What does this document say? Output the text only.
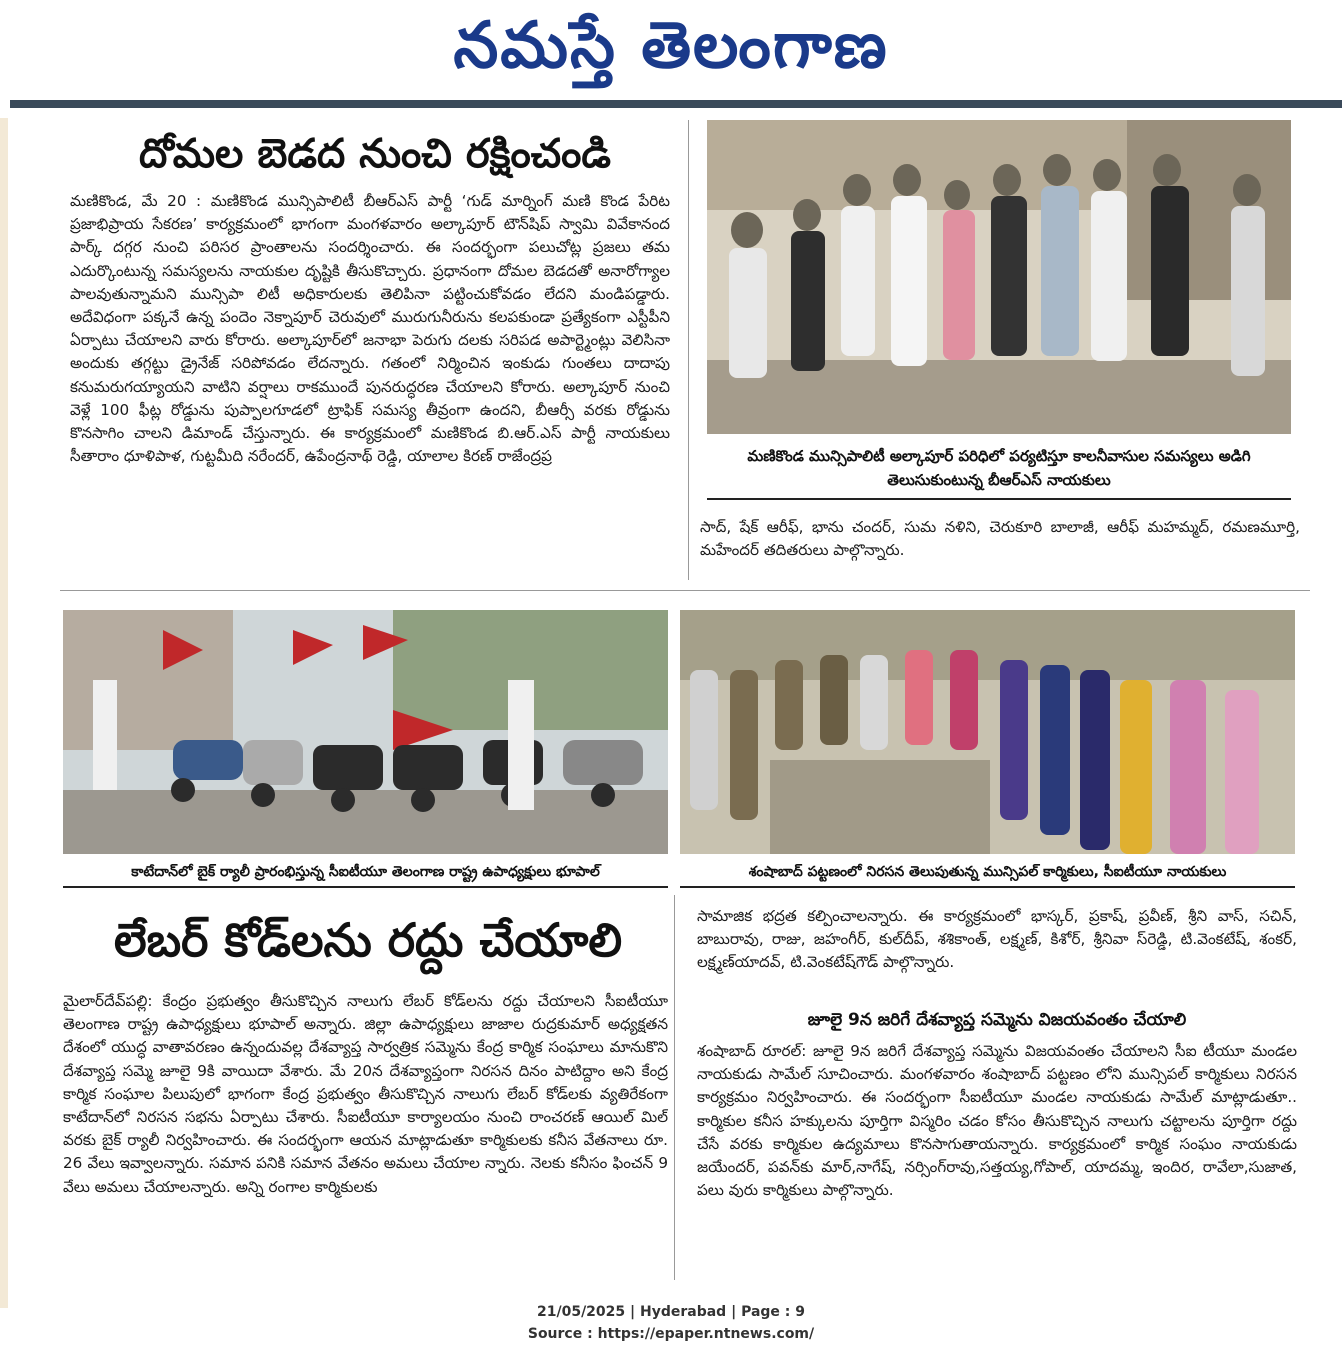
నమస్తే తెలంగాణ
దోమల బెడద నుంచి రక్షించండి
మణికొండ, మే 20 : మణికొండ మున్సిపాలిటీ బీఆర్ఎస్ పార్టీ ‘గుడ్ మార్నింగ్ మణి కొండ పేరిట ప్రజాభిప్రాయ సేకరణ’ కార్యక్రమంలో భాగంగా మంగళవారం అల్కాపూర్ టౌన్‌షిప్ స్వామి వివేకానంద పార్క్ దగ్గర నుంచి పరిసర ప్రాంతాలను సందర్శించారు. ఈ సందర్భంగా పలుచోట్ల ప్రజలు తమ ఎదుర్కొంటున్న సమస్యలను నాయకుల దృష్టికి తీసుకొచ్చారు. ప్రధానంగా దోమల బెడదతో అనారోగ్యాల పాలవుతున్నామని మున్సిపా లిటీ అధికారులకు తెలిపినా పట్టించుకోవడం లేదని మండిపడ్డారు. అదేవిధంగా పక్కనే ఉన్న పందెం నెక్నాపూర్ చెరువులో మురుగునీరును కలపకుండా ప్రత్యేకంగా ఎస్టీపీని ఏర్పాటు చేయాలని వారు కోరారు. అల్కాపూర్‌లో జనాభా పెరుగు దలకు సరిపడ అపార్ట్మెంట్లు వెలిసినా అందుకు తగ్గట్టు డ్రైనేజ్ సరిపోవడం లేదన్నారు. గతంలో నిర్మించిన ఇంకుడు గుంతలు దాదాపు కనుమరుగయ్యాయని వాటిని వర్షాలు రాకముందే పునరుద్ధరణ చేయాలని కోరారు. అల్కాపూర్ నుంచి వెళ్లే 100 ఫీట్ల రోడ్డును పుప్పాలగూడలో ట్రాఫిక్ సమస్య తీవ్రంగా ఉందని, బీఆర్సీ వరకు రోడ్డును కొనసాగిం చాలని డిమాండ్ చేస్తున్నారు. ఈ కార్యక్రమంలో మణికొండ బి.ఆర్.ఎస్ పార్టీ నాయకులు సీతారాం ధూళిపాళ, గుట్టమీది నరేందర్, ఉపేంద్రనాథ్ రెడ్డి, యాలాల కిరణ్ రాజేంద్రప్ర	మణికొండ మున్సిపాలిటీ అల్కాపూర్ పరిధిలో పర్యటిస్తూ కాలనీవాసుల సమస్యలు అడిగి తెలుసుకుంటున్న బీఆర్ఎస్ నాయకులు
సాద్, షేక్ ఆరీఫ్, భాను చందర్, సుమ నళిని, చెరుకూరి బాలాజీ, ఆరీఫ్ మహమ్మద్, రమణమూర్తి, మహేందర్ తదితరులు పాల్గొన్నారు.
కాటేదాన్‌లో బైక్ ర్యాలీ ప్రారంభిస్తున్న సీఐటీయూ తెలంగాణ రాష్ట్ర ఉపాధ్యక్షులు భూపాల్	శంషాబాద్ పట్టణంలో నిరసన తెలుపుతున్న మున్సిపల్ కార్మికులు, సీఐటీయూ నాయకులు
లేబర్ కోడ్‌లను రద్దు చేయాలి
మైలార్‌దేవ్‌పల్లి: కేంద్రం ప్రభుత్వం తీసుకొచ్చిన నాలుగు లేబర్ కోడ్‌లను రద్దు చేయాలని సీఐటీయూ తెలంగాణ రాష్ట్ర ఉపాధ్యక్షులు భూపాల్ అన్నారు. జిల్లా ఉపాధ్యక్షులు జాజాల రుద్రకుమార్ అధ్యక్షతన దేశంలో యుద్ధ వాతావరణం ఉన్నందువల్ల దేశవ్యాప్త సార్వత్రిక సమ్మెను కేంద్ర కార్మిక సంఘాలు మానుకొని దేశవ్యాప్త సమ్మె జూలై 9కి వాయిదా వేశారు. మే 20న దేశవ్యాప్తంగా నిరసన దినం పాటిద్దాం అని కేంద్ర కార్మిక సంఘాల పిలుపులో భాగంగా కేంద్ర ప్రభుత్వం తీసుకొచ్చిన నాలుగు లేబర్ కోడ్‌లకు వ్యతిరేకంగా కాటేదాన్‌లో నిరసన సభను ఏర్పాటు చేశారు. సీఐటీయూ కార్యాలయం నుంచి రాంచరణ్ ఆయిల్ మిల్ వరకు బైక్ ర్యాలీ నిర్వహించారు. ఈ సందర్భంగా ఆయన మాట్లాడుతూ కార్మికులకు కనీస వేతనాలు రూ. 26 వేలు ఇవ్వాలన్నారు. సమాన పనికి సమాన వేతనం అమలు చేయాల న్నారు. నెలకు కనీసం ఫించన్ 9 వేలు అమలు చేయాలన్నారు. అన్ని రంగాల కార్మికులకు
సామాజిక భద్రత కల్పించాలన్నారు. ఈ కార్యక్రమంలో భాస్కర్, ప్రకాష్, ప్రవీణ్, శ్రీని వాస్, సచిన్, బాబురావు, రాజు, జహంగీర్, కుల్‌దీప్, శశికాంత్, లక్ష్మణ్, కిశోర్, శ్రీనివా స్‌రెడ్డి, టి.వెంకటేష్, శంకర్, లక్ష్మణ్‌యాదవ్, టి.వెంకటేష్‌గౌడ్ పాల్గొన్నారు.
జూలై 9న జరిగే దేశవ్యాప్త సమ్మెను విజయవంతం చేయాలి
శంషాబాద్ రూరల్: జూలై 9న జరిగే దేశవ్యాప్త సమ్మెను విజయవంతం చేయాలని సీఐ టీయూ మండల నాయకుడు సామేల్ సూచించారు. మంగళవారం శంషాబాద్ పట్టణం లోని మున్సిపల్ కార్మికులు నిరసన కార్యక్రమం నిర్వహించారు. ఈ సందర్భంగా సీఐటీయూ మండల నాయకుడు సామేల్ మాట్లాడుతూ.. కార్మికుల కనీస హక్కులను పూర్తిగా విస్మరిం చడం కోసం తీసుకొచ్చిన నాలుగు చట్టాలను పూర్తిగా రద్దు చేసే వరకు కార్మికుల ఉద్యమాలు కొనసాగుతాయన్నారు. కార్యక్రమంలో కార్మిక సంఘం నాయకుడు జయేందర్, పవన్‌కు మార్,నాగేష్, నర్సింగ్‌రావు,సత్తయ్య,గోపాల్, యాదమ్మ, ఇందిర, రావేలా,సుజాత, పలు వురు కార్మికులు పాల్గొన్నారు.
21/05/2025 | Hyderabad | Page : 9
Source : https://epaper.ntnews.com/
